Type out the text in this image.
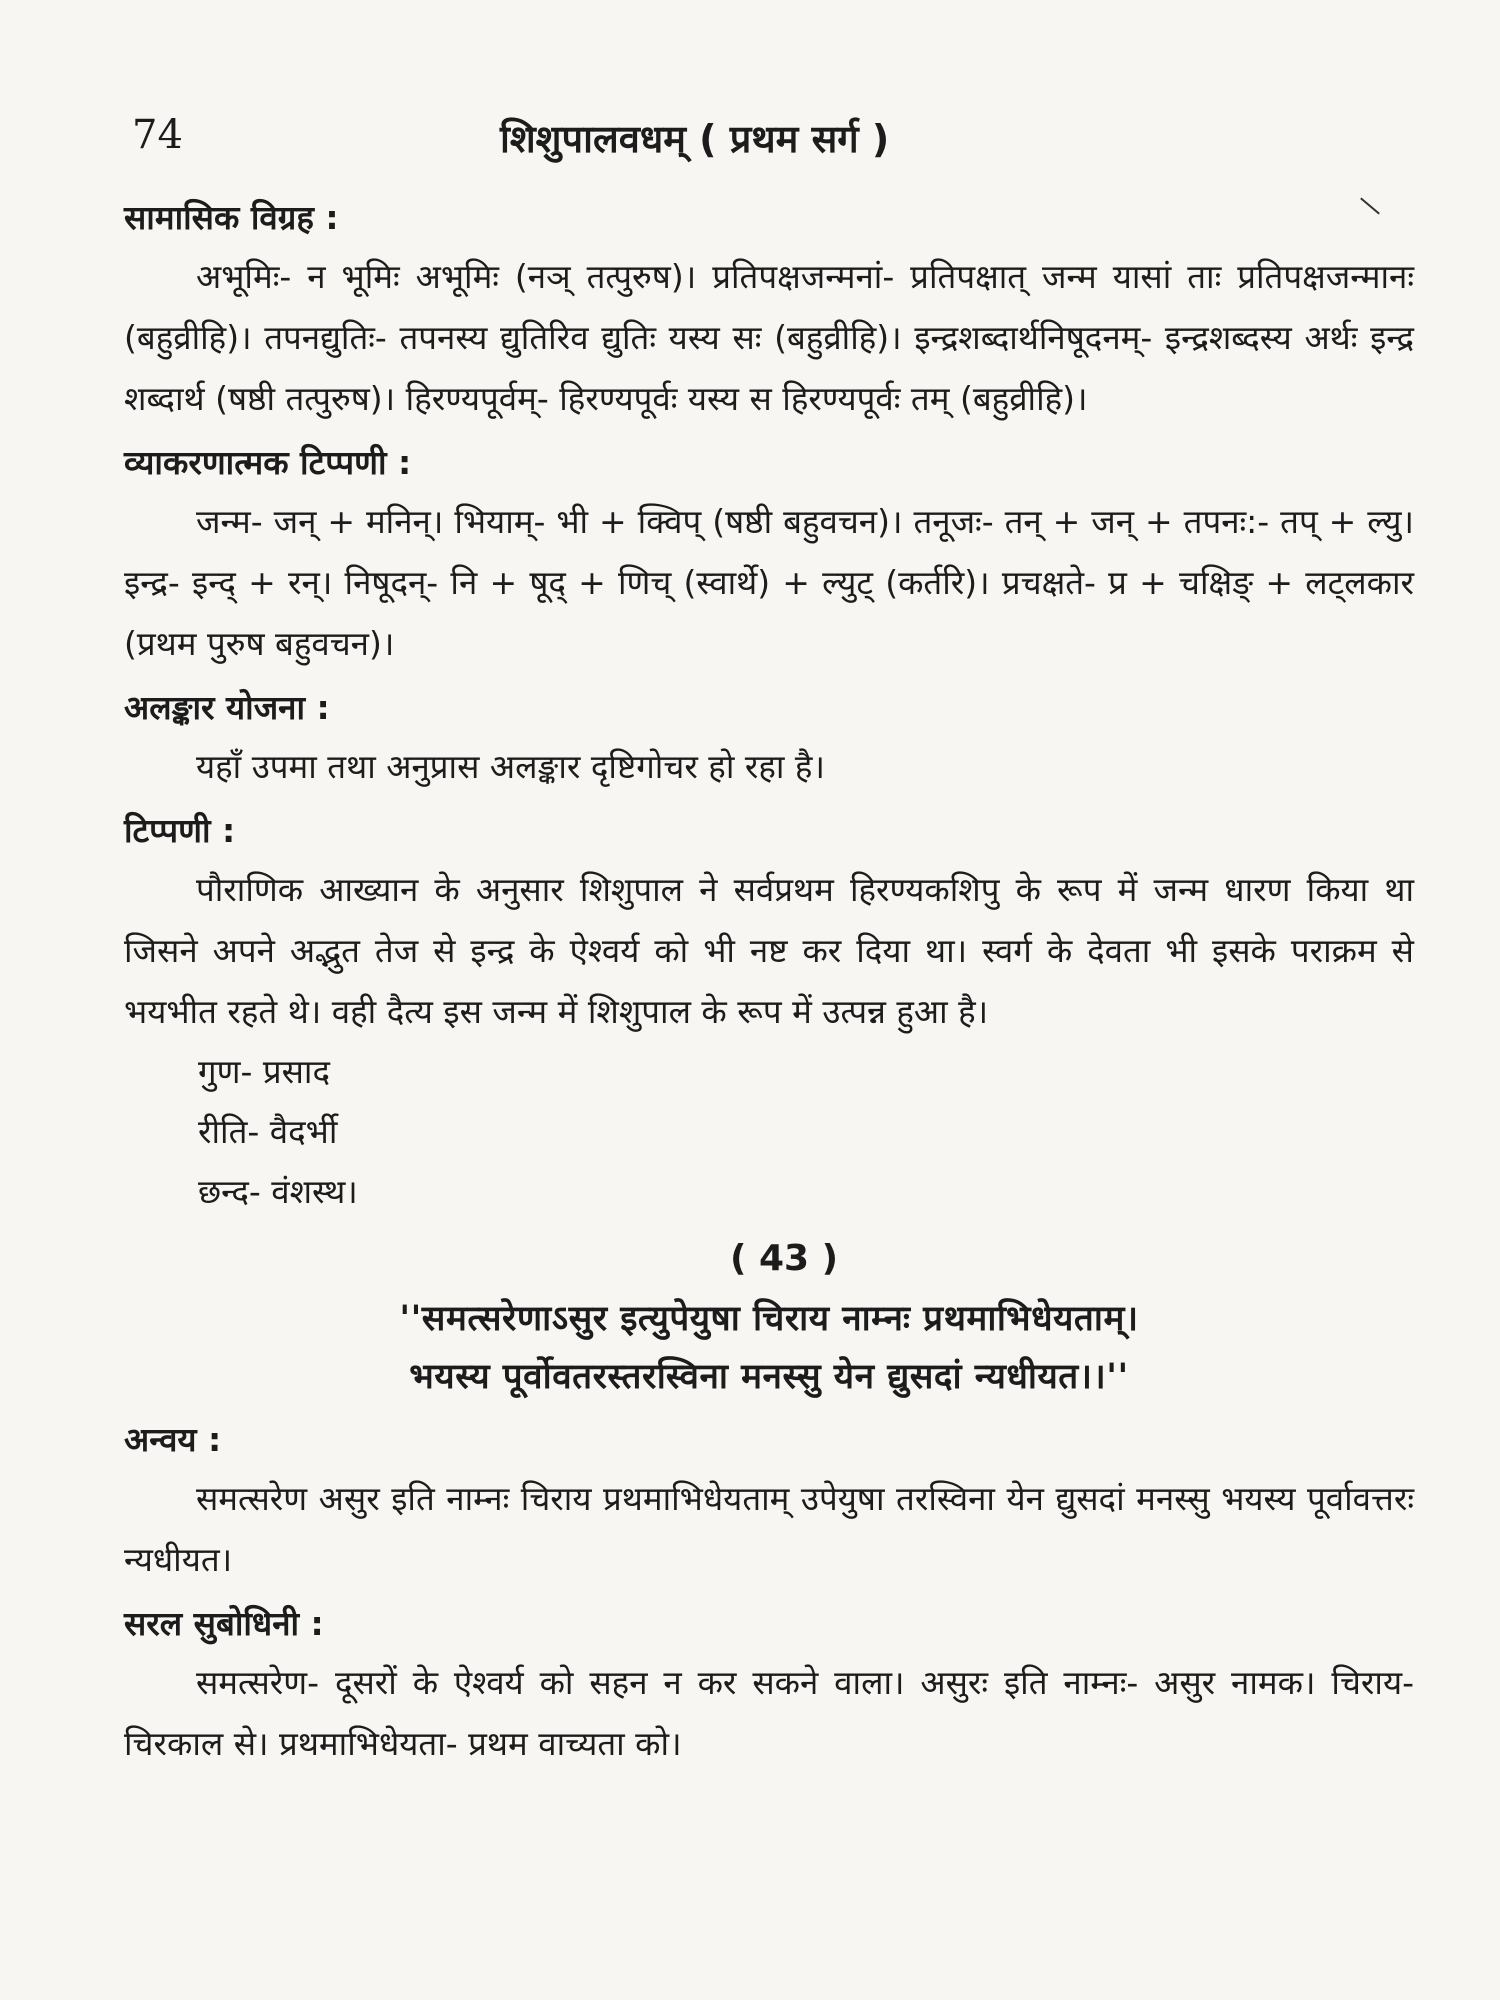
74	शिशुपालवधम् ( प्रथम सर्ग )
सामासिक विग्रह :

अभूमिः- न भूमिः अभूमिः (नञ् तत्पुरुष)। प्रतिपक्षजन्मनां- प्रतिपक्षात् जन्म यासां ताः प्रतिपक्षजन्मानः (बहुव्रीहि)। तपनद्युतिः- तपनस्य द्युतिरिव द्युतिः यस्य सः (बहुव्रीहि)। इन्द्रशब्दार्थनिषूदनम्- इन्द्रशब्दस्य अर्थः इन्द्र शब्दार्थ (षष्ठी तत्पुरुष)। हिरण्यपूर्वम्- हिरण्यपूर्वः यस्य स हिरण्यपूर्वः तम् (बहुव्रीहि)।

व्याकरणात्मक टिप्पणी :

जन्म- जन् + मनिन्। भियाम्- भी + क्विप् (षष्ठी बहुवचन)। तनूजः- तन् + जन् + तपनः:- तप् + ल्यु। इन्द्र- इन्द् + रन्। निषूदन्- नि + षूद् + णिच् (स्वार्थे) + ल्युट् (कर्तरि)। प्रचक्षते- प्र + चक्षिङ् + लट्लकार (प्रथम पुरुष बहुवचन)।

अलङ्कार योजना :

यहाँ उपमा तथा अनुप्रास अलङ्कार दृष्टिगोचर हो रहा है।

टिप्पणी :

पौराणिक आख्यान के अनुसार शिशुपाल ने सर्वप्रथम हिरण्यकशिपु के रूप में जन्म धारण किया था जिसने अपने अद्भुत तेज से इन्द्र के ऐश्वर्य को भी नष्ट कर दिया था। स्वर्ग के देवता भी इसके पराक्रम से भयभीत रहते थे। वही दैत्य इस जन्म में शिशुपाल के रूप में उत्पन्न हुआ है।

गुण- प्रसाद
रीति- वैदर्भी
छन्द- वंशस्थ।
( 43 )
''समत्सरेणाऽसुर इत्युपेयुषा चिराय नाम्नः प्रथमाभिधेयताम्।
भयस्य पूर्वोवतरस्तरस्विना मनस्सु येन द्युसदां न्यधीयत।।''
अन्वय :

समत्सरेण असुर इति नाम्नः चिराय प्रथमाभिधेयताम् उपेयुषा तरस्विना येन द्युसदां मनस्सु भयस्य पूर्वावत्तरः न्यधीयत।

सरल सुबोधिनी :

समत्सरेण- दूसरों के ऐश्वर्य को सहन न कर सकने वाला। असुरः इति नाम्नः- असुर नामक। चिराय- चिरकाल से। प्रथमाभिधेयता- प्रथम वाच्यता को।
